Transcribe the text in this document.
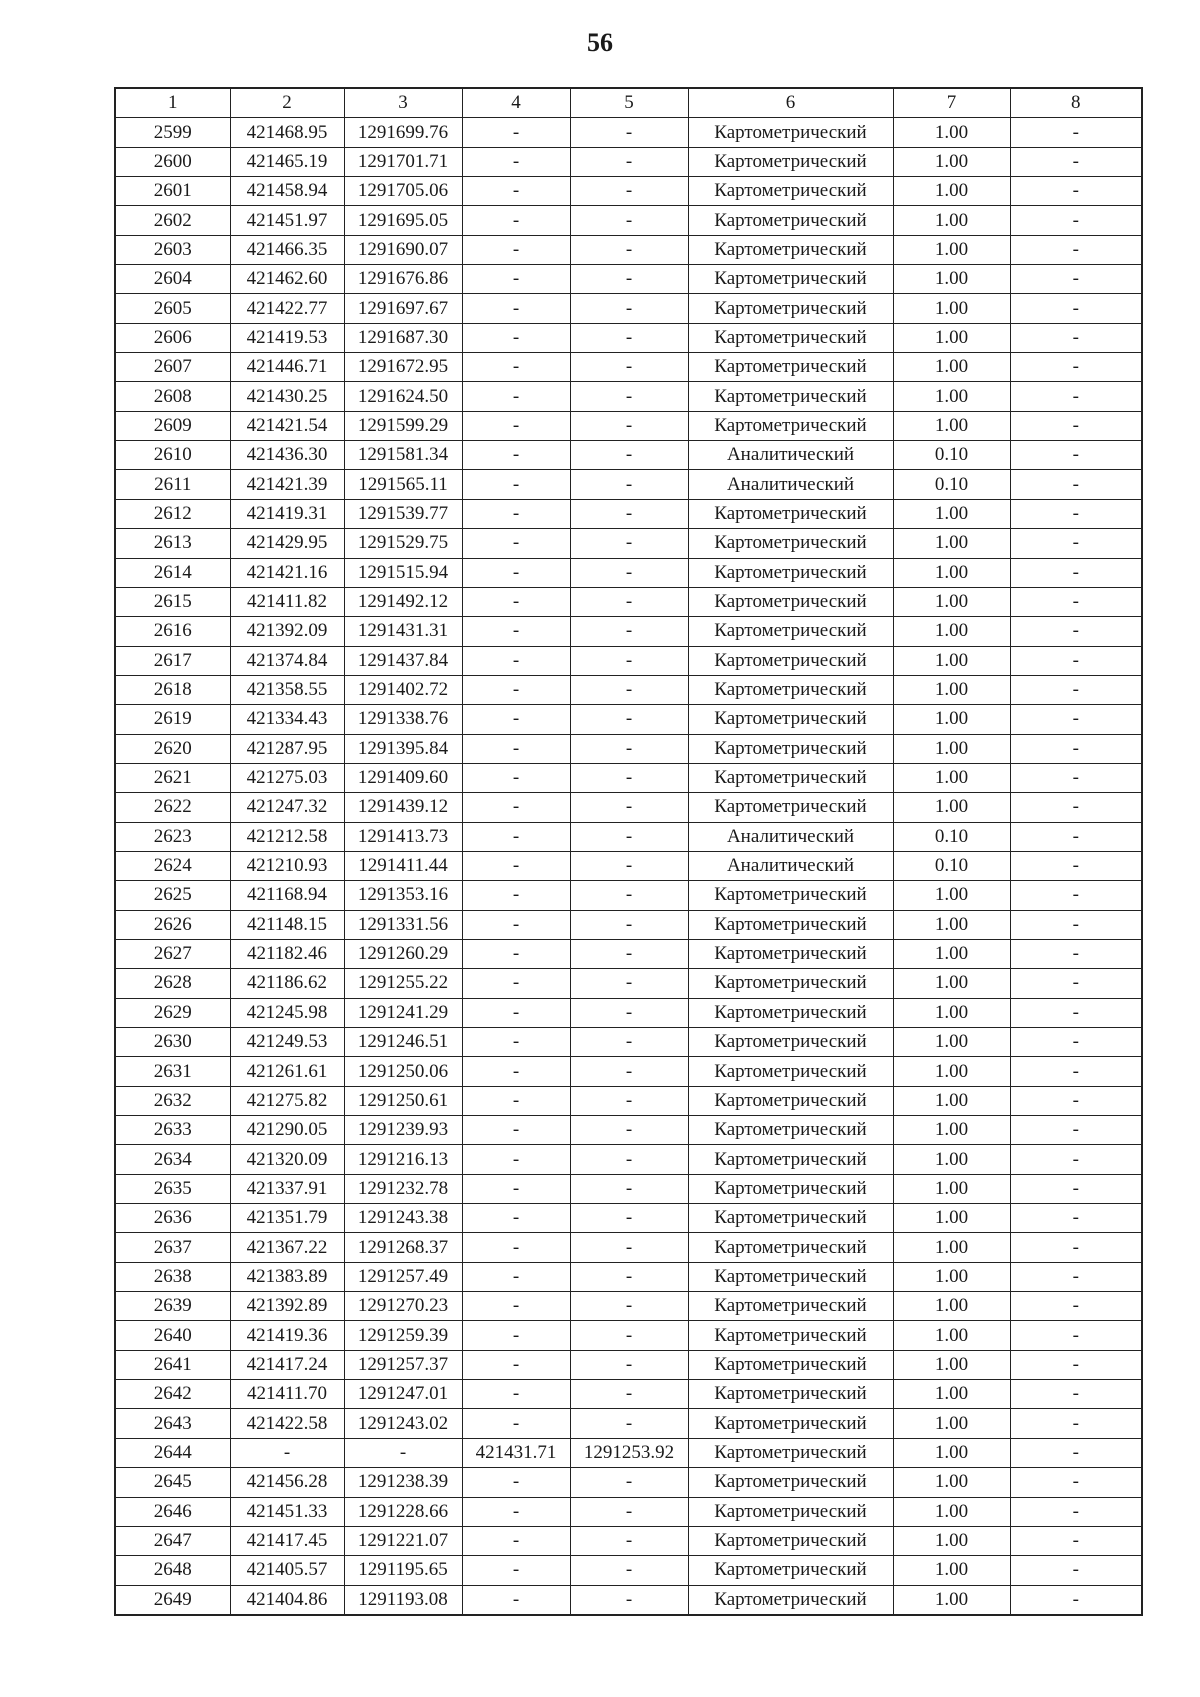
56
1	2	3	4	5	6	7	8
2599	421468.95	1291699.76	-	-	Картометрический	1.00	-
2600	421465.19	1291701.71	-	-	Картометрический	1.00	-
2601	421458.94	1291705.06	-	-	Картометрический	1.00	-
2602	421451.97	1291695.05	-	-	Картометрический	1.00	-
2603	421466.35	1291690.07	-	-	Картометрический	1.00	-
2604	421462.60	1291676.86	-	-	Картометрический	1.00	-
2605	421422.77	1291697.67	-	-	Картометрический	1.00	-
2606	421419.53	1291687.30	-	-	Картометрический	1.00	-
2607	421446.71	1291672.95	-	-	Картометрический	1.00	-
2608	421430.25	1291624.50	-	-	Картометрический	1.00	-
2609	421421.54	1291599.29	-	-	Картометрический	1.00	-
2610	421436.30	1291581.34	-	-	Аналитический	0.10	-
2611	421421.39	1291565.11	-	-	Аналитический	0.10	-
2612	421419.31	1291539.77	-	-	Картометрический	1.00	-
2613	421429.95	1291529.75	-	-	Картометрический	1.00	-
2614	421421.16	1291515.94	-	-	Картометрический	1.00	-
2615	421411.82	1291492.12	-	-	Картометрический	1.00	-
2616	421392.09	1291431.31	-	-	Картометрический	1.00	-
2617	421374.84	1291437.84	-	-	Картометрический	1.00	-
2618	421358.55	1291402.72	-	-	Картометрический	1.00	-
2619	421334.43	1291338.76	-	-	Картометрический	1.00	-
2620	421287.95	1291395.84	-	-	Картометрический	1.00	-
2621	421275.03	1291409.60	-	-	Картометрический	1.00	-
2622	421247.32	1291439.12	-	-	Картометрический	1.00	-
2623	421212.58	1291413.73	-	-	Аналитический	0.10	-
2624	421210.93	1291411.44	-	-	Аналитический	0.10	-
2625	421168.94	1291353.16	-	-	Картометрический	1.00	-
2626	421148.15	1291331.56	-	-	Картометрический	1.00	-
2627	421182.46	1291260.29	-	-	Картометрический	1.00	-
2628	421186.62	1291255.22	-	-	Картометрический	1.00	-
2629	421245.98	1291241.29	-	-	Картометрический	1.00	-
2630	421249.53	1291246.51	-	-	Картометрический	1.00	-
2631	421261.61	1291250.06	-	-	Картометрический	1.00	-
2632	421275.82	1291250.61	-	-	Картометрический	1.00	-
2633	421290.05	1291239.93	-	-	Картометрический	1.00	-
2634	421320.09	1291216.13	-	-	Картометрический	1.00	-
2635	421337.91	1291232.78	-	-	Картометрический	1.00	-
2636	421351.79	1291243.38	-	-	Картометрический	1.00	-
2637	421367.22	1291268.37	-	-	Картометрический	1.00	-
2638	421383.89	1291257.49	-	-	Картометрический	1.00	-
2639	421392.89	1291270.23	-	-	Картометрический	1.00	-
2640	421419.36	1291259.39	-	-	Картометрический	1.00	-
2641	421417.24	1291257.37	-	-	Картометрический	1.00	-
2642	421411.70	1291247.01	-	-	Картометрический	1.00	-
2643	421422.58	1291243.02	-	-	Картометрический	1.00	-
2644	-	-	421431.71	1291253.92	Картометрический	1.00	-
2645	421456.28	1291238.39	-	-	Картометрический	1.00	-
2646	421451.33	1291228.66	-	-	Картометрический	1.00	-
2647	421417.45	1291221.07	-	-	Картометрический	1.00	-
2648	421405.57	1291195.65	-	-	Картометрический	1.00	-
2649	421404.86	1291193.08	-	-	Картометрический	1.00	-
